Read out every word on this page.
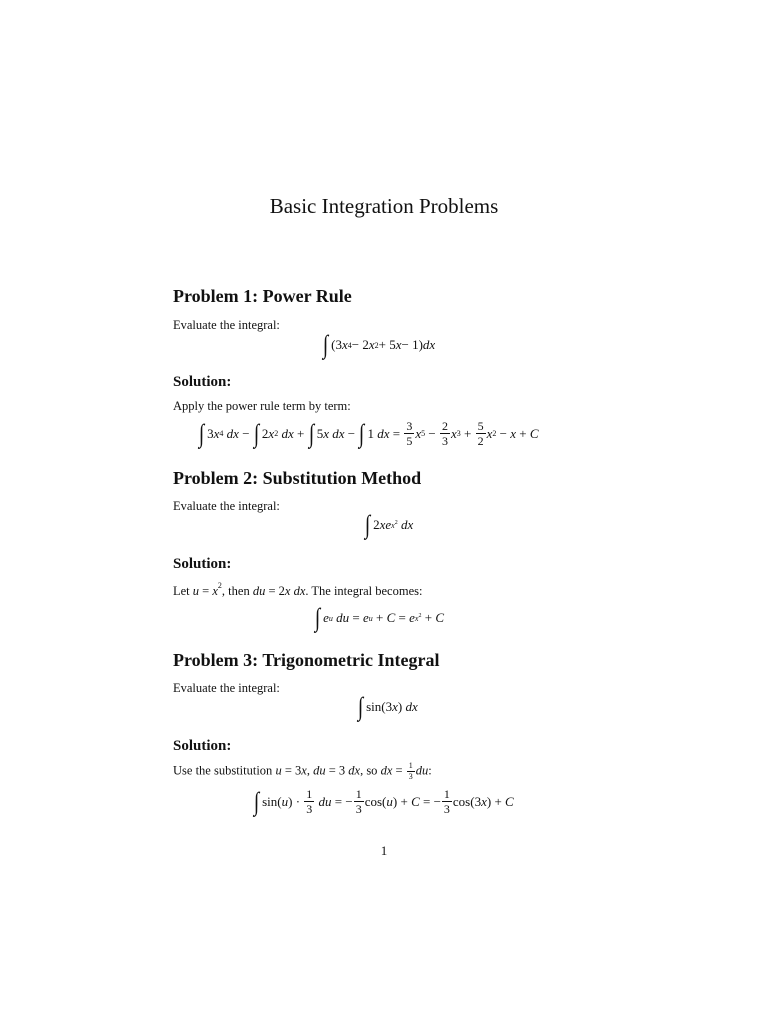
Basic Integration Problems
Problem 1: Power Rule
Evaluate the integral:
∫ (3 x 4 − 2 x 2 + 5 x − 1) dx
Solution:
Apply the power rule term by term:
∫ 3 x 4
dx − ∫ 2 x 2
dx + ∫ 5 x
dx − ∫ 1 dx = $\frac{3}{5}$ x $5 - \frac{2}{3}$ x $3 + \frac{5}{2}$ x 2 − x + C
Problem 2: Substitution Method
Evaluate the integral:
∫ 2 xe $x^2$
dx
Solution:
Let $u = x^2$, then du = 2x dx. The integral becomes:
∫ e u
du = e u + C = e $x^2 + C$
Problem 3: Trigonometric Integral
Evaluate the integral:
∫ sin(3 x ) dx
Solution:
Use the substitution u = 3x, du = 3 dx, so dx = $\frac{1}{3}$ du:
∫ sin( u ) · $\frac{1}{3}$
du = − $\frac{1}{3} \cos$( u ) + C = − $\frac{1}{3} \cos(3$ x ) + C
1
